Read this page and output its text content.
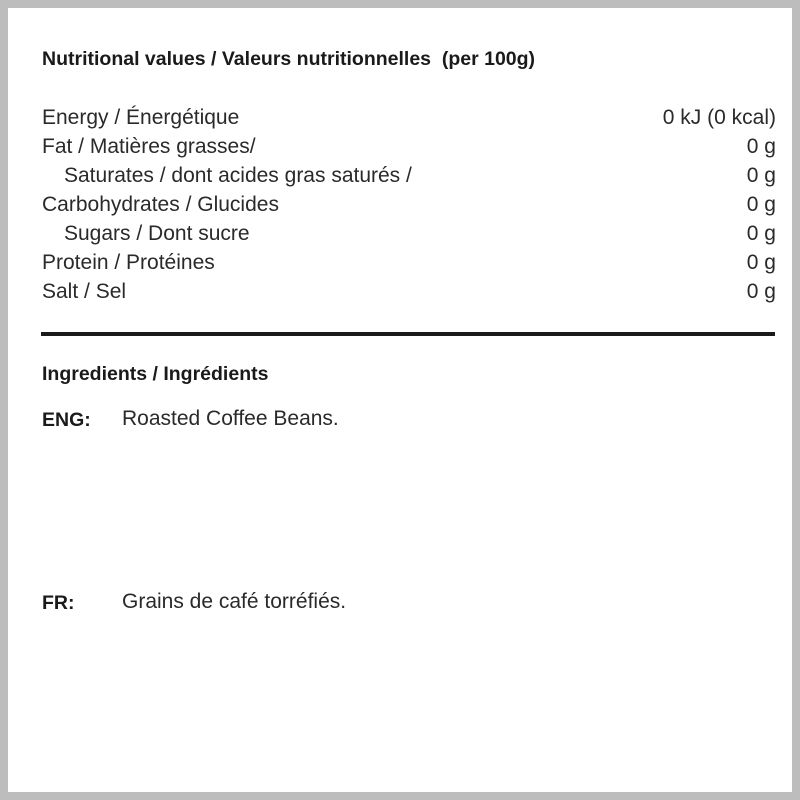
Nutritional values / Valeurs nutritionnelles  (per 100g)
Energy / Énergétique	0 kJ (0 kcal)
Fat / Matières grasses/	0 g
Saturates / dont acides gras saturés /	0 g
Carbohydrates / Glucides	0 g
Sugars / Dont sucre	0 g
Protein / Protéines	0 g
Salt / Sel	0 g
Ingredients / Ingrédients
ENG: Roasted Coffee Beans.
FR: Grains de café torréfiés.
